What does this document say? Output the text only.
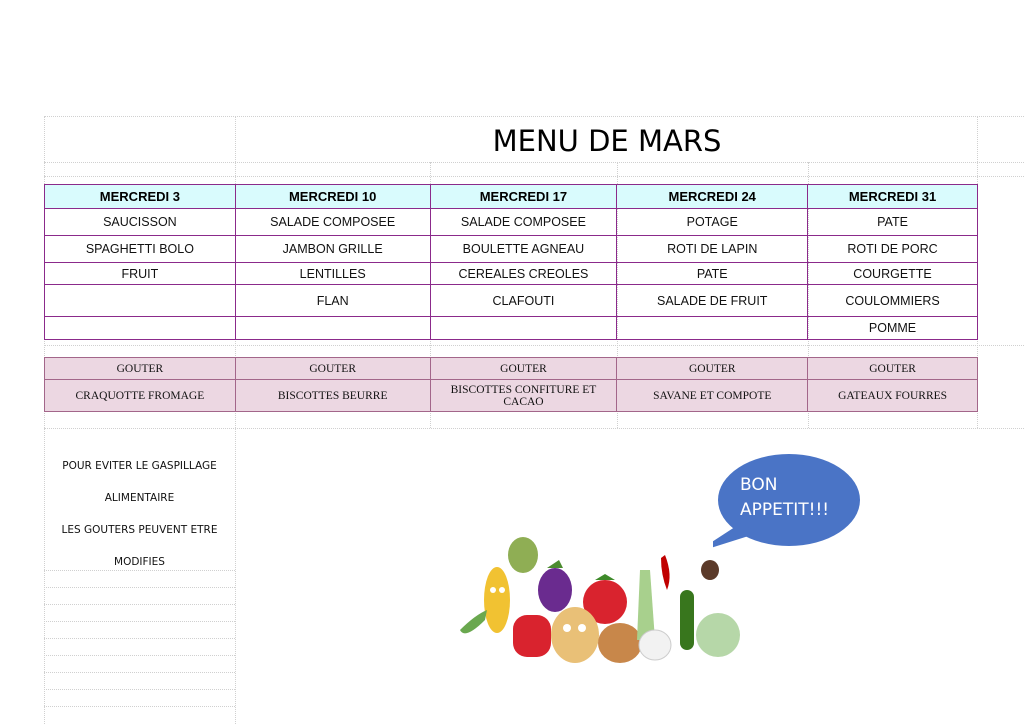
MENU DE MARS
MERCREDI 3	MERCREDI 10	MERCREDI 17	MERCREDI 24	MERCREDI 31
SAUCISSON	SALADE COMPOSEE	SALADE COMPOSEE	POTAGE	PATE
SPAGHETTI BOLO	JAMBON GRILLE	BOULETTE AGNEAU	ROTI DE LAPIN	ROTI DE PORC
FRUIT	LENTILLES	CEREALES CREOLES	PATE	COURGETTE
	FLAN	CLAFOUTI	SALADE DE FRUIT	COULOMMIERS
				POMME
GOUTER	GOUTER	GOUTER	GOUTER	GOUTER
CRAQUOTTE FROMAGE	BISCOTTES BEURRE	BISCOTTES CONFITURE ET CACAO	SAVANE ET COMPOTE	GATEAUX FOURRES
POUR EVITER LE GASPILLAGE
ALIMENTAIRE
LES GOUTERS PEUVENT ETRE
MODIFIES
BON
APPETIT!!!
